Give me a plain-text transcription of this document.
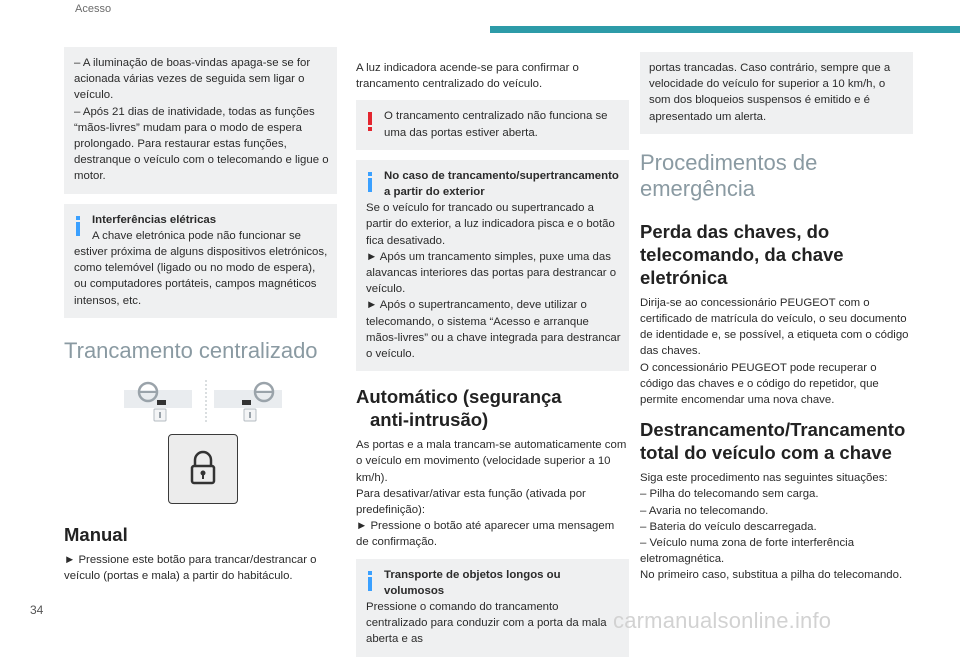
Acesso

– A iluminação de boas-vindas apaga-se se for acionada várias vezes de seguida sem ligar o veículo.

– Após 21 dias de inatividade, todas as funções “mãos-livres” mudam para o modo de espera prolongado. Para restaurar estas funções, destranque o veículo com o telecomando e ligue o motor.

Interferências elétricas

A chave eletrónica pode não funcionar se

estiver próxima de alguns dispositivos eletrónicos, como telemóvel (ligado ou no modo de espera), ou computadores portáteis, campos magnéticos intensos, etc.

Trancamento centralizado
Manual

► Pressione este botão para trancar/destrancar o veículo (portas e mala) a partir do habitáculo.

A luz indicadora acende-se para confirmar o trancamento centralizado do veículo.

O trancamento centralizado não funciona se uma das portas estiver aberta.

No caso de trancamento/supertrancamento a partir do exterior

Se o veículo for trancado ou supertrancado a partir do exterior, a luz indicadora pisca e o botão fica desativado.

► Após um trancamento simples, puxe uma das alavancas interiores das portas para destrancar o veículo.

► Após o supertrancamento, deve utilizar o telecomando, o sistema “Acesso e arranque mãos-livres” ou a chave integrada para destrancar o veículo.

Automático (segurança
anti-intrusão)

As portas e a mala trancam-se automaticamente com o veículo em movimento (velocidade superior a 10 km/h).

Para desativar/ativar esta função (ativada por predefinição):

► Pressione o botão até aparecer uma mensagem de confirmação.

Transporte de objetos longos ou volumosos

Pressione o comando do trancamento centralizado para conduzir com a porta da mala aberta e as

portas trancadas. Caso contrário, sempre que a velocidade do veículo for superior a 10 km/h, o som dos bloqueios suspensos é emitido e é apresentado um alerta.

Procedimentos de emergência
Perda das chaves, do telecomando, da chave eletrónica

Dirija-se ao concessionário PEUGEOT com o certificado de matrícula do veículo, o seu documento de identidade e, se possível, a etiqueta com o código das chaves.

O concessionário PEUGEOT pode recuperar o código das chaves e o código do repetidor, que permite encomendar uma nova chave.

Destrancamento/Trancamento total do veículo com a chave

Siga este procedimento nas seguintes situações:

– Pilha do telecomando sem carga.

– Avaria no telecomando.

– Bateria do veículo descarregada.

– Veículo numa zona de forte interferência eletromagnética.

No primeiro caso, substitua a pilha do telecomando.

34	carmanualsonline.info
